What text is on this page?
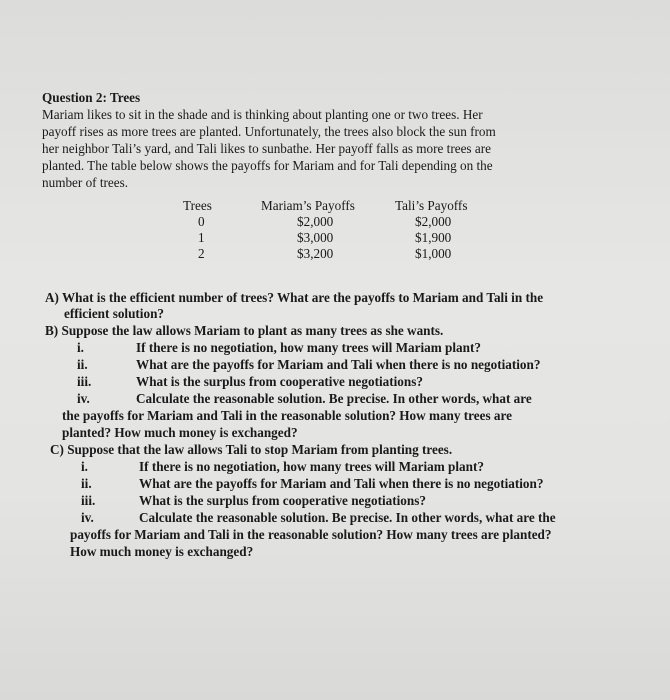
Question 2: Trees
Mariam likes to sit in the shade and is thinking about planting one or two trees. Her
payoff rises as more trees are planted. Unfortunately, the trees also block the sun from
her neighbor Tali’s yard, and Tali likes to sunbathe. Her payoff falls as more trees are
planted. The table below shows the payoffs for Mariam and for Tali depending on the
number of trees.
Trees	Mariam’s Payoffs	Tali’s Payoffs
0	$2,000	$2,000
1	$3,000	$1,900
2	$3,200	$1,000
A) What is the efficient number of trees? What are the payoffs to Mariam and Tali in the
efficient solution?
B) Suppose the law allows Mariam to plant as many trees as she wants.
i.	If there is no negotiation, how many trees will Mariam plant?
ii.	What are the payoffs for Mariam and Tali when there is no negotiation?
iii.	What is the surplus from cooperative negotiations?
iv.	Calculate the reasonable solution. Be precise. In other words, what are
the payoffs for Mariam and Tali in the reasonable solution? How many trees are
planted? How much money is exchanged?
C) Suppose that the law allows Tali to stop Mariam from planting trees.
i.	If there is no negotiation, how many trees will Mariam plant?
ii.	What are the payoffs for Mariam and Tali when there is no negotiation?
iii.	What is the surplus from cooperative negotiations?
iv.	Calculate the reasonable solution. Be precise. In other words, what are the
payoffs for Mariam and Tali in the reasonable solution? How many trees are planted?
How much money is exchanged?
